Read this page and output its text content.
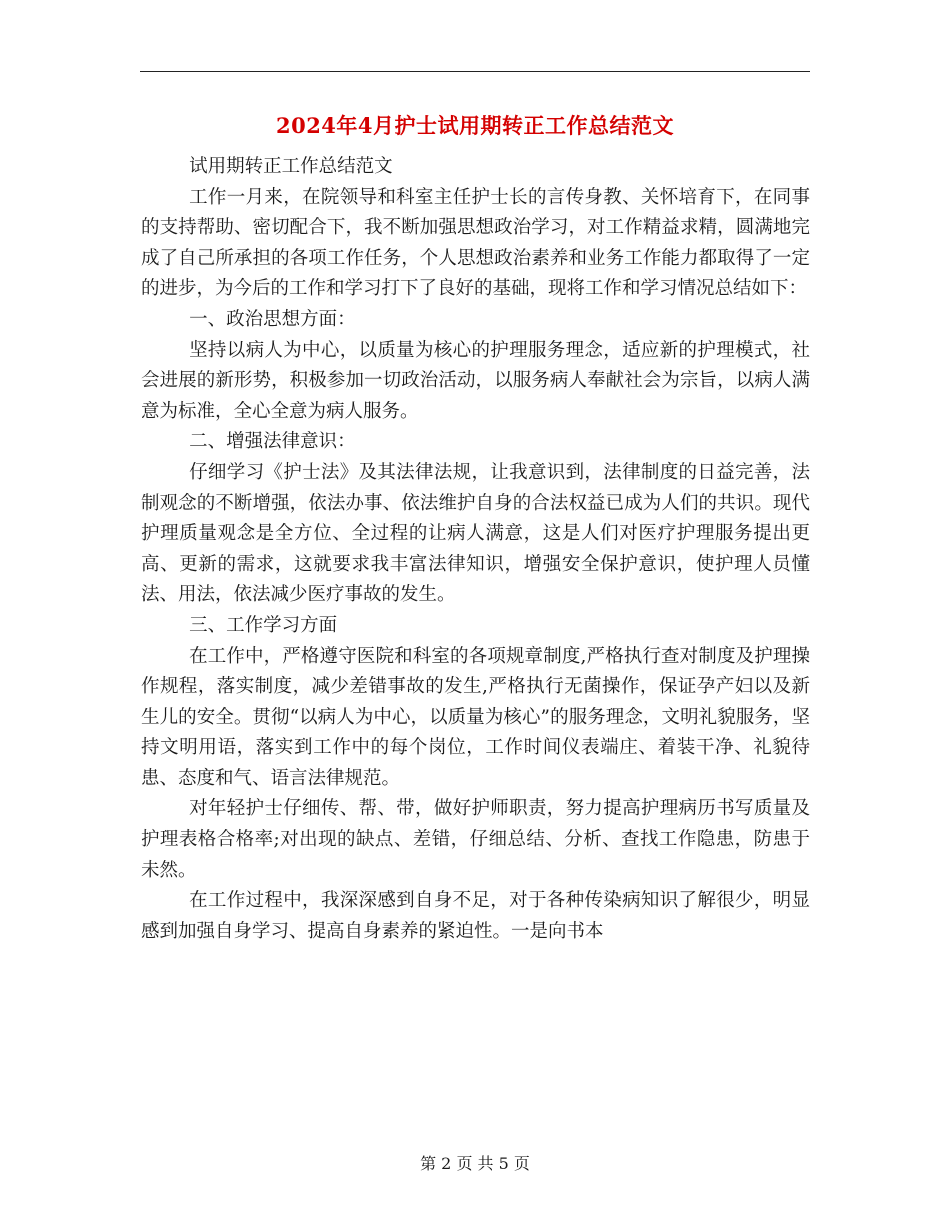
2024年4月护士试用期转正工作总结范文

试用期转正工作总结范文

工作一月来，在院领导和科室主任护士长的言传身教、关怀培育下，在同事的支持帮助、密切配合下，我不断加强思想政治学习，对工作精益求精，圆满地完成了自己所承担的各项工作任务，个人思想政治素养和业务工作能力都取得了一定的进步，为今后的工作和学习打下了良好的基础，现将工作和学习情况总结如下：

一、政治思想方面：

坚持以病人为中心，以质量为核心的护理服务理念，适应新的护理模式，社会进展的新形势，积极参加一切政治活动，以服务病人奉献社会为宗旨，以病人满意为标准，全心全意为病人服务。

二、增强法律意识：

仔细学习《护士法》及其法律法规，让我意识到，法律制度的日益完善，法制观念的不断增强，依法办事、依法维护自身的合法权益已成为人们的共识。现代护理质量观念是全方位、全过程的让病人满意，这是人们对医疗护理服务提出更高、更新的需求，这就要求我丰富法律知识，增强安全保护意识，使护理人员懂法、用法，依法减少医疗事故的发生。

三、工作学习方面

在工作中，严格遵守医院和科室的各项规章制度,严格执行查对制度及护理操作规程，落实制度，减少差错事故的发生,严格执行无菌操作，保证孕产妇以及新生儿的安全。贯彻“以病人为中心，以质量为核心”的服务理念，文明礼貌服务，坚持文明用语，落实到工作中的每个岗位，工作时间仪表端庄、着装干净、礼貌待患、态度和气、语言法律规范。

对年轻护士仔细传、帮、带，做好护师职责，努力提高护理病历书写质量及护理表格合格率;对出现的缺点、差错，仔细总结、分析、查找工作隐患，防患于未然。

在工作过程中，我深深感到自身不足，对于各种传染病知识了解很少，明显感到加强自身学习、提高自身素养的紧迫性。一是向书本

第 2 页 共 5 页
